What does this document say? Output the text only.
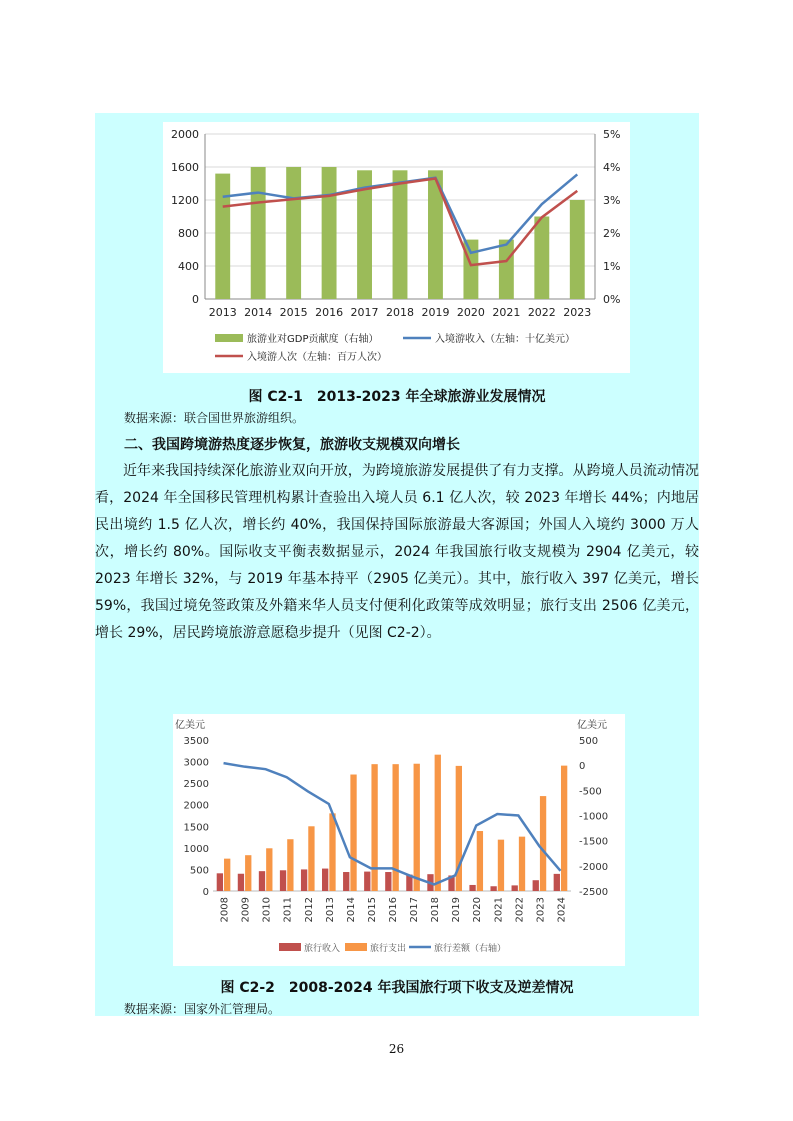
0
400
800
1200
1600
2000
0%
1%
2%
3%
4%
5%
2013 2014 2015 2016 2017 2018 2019 2020 2021 2022 2023
旅游业对GDP贡献度（右轴）	入境游收入（左轴：十亿美元）
入境游人次（左轴：百万人次）
图 C2-1　2013-2023 年全球旅游业发展情况
数据来源：联合国世界旅游组织。
二、我国跨境游热度逐步恢复，旅游收支规模双向增长

近年来我国持续深化旅游业双向开放，为跨境旅游发展提供了有力支撑。从跨境人员流动情况看，2024 年全国移民管理机构累计查验出入境人员 6.1 亿人次，较 2023 年增长 44%；内地居民出境约 1.5 亿人次，增长约 40%，我国保持国际旅游最大客源国；外国人入境约 3000 万人次，增长约 80%。国际收支平衡表数据显示，2024 年我国旅行收支规模为 2904 亿美元，较 2023 年增长 32%，与 2019 年基本持平（2905 亿美元）。其中，旅行收入 397 亿美元，增长 59%，我国过境免签政策及外籍来华人员支付便利化政策等成效明显；旅行支出 2506 亿美元，增长 29%，居民跨境旅游意愿稳步提升（见图 C2-2）。

亿美元	亿美元
0
500
1000
1500
2000
2500
3000
3500
-2500
-2000
-1500
-1000
-500
0
500
2008 2009 2010 2011 2012 2013 2014 2015 2016 2017 2018 2019 2020 2021 2022 2023 2024
旅行收入	旅行支出	旅行差额（右轴）
图 C2-2　2008-2024 年我国旅行项下收支及逆差情况
数据来源：国家外汇管理局。
26
